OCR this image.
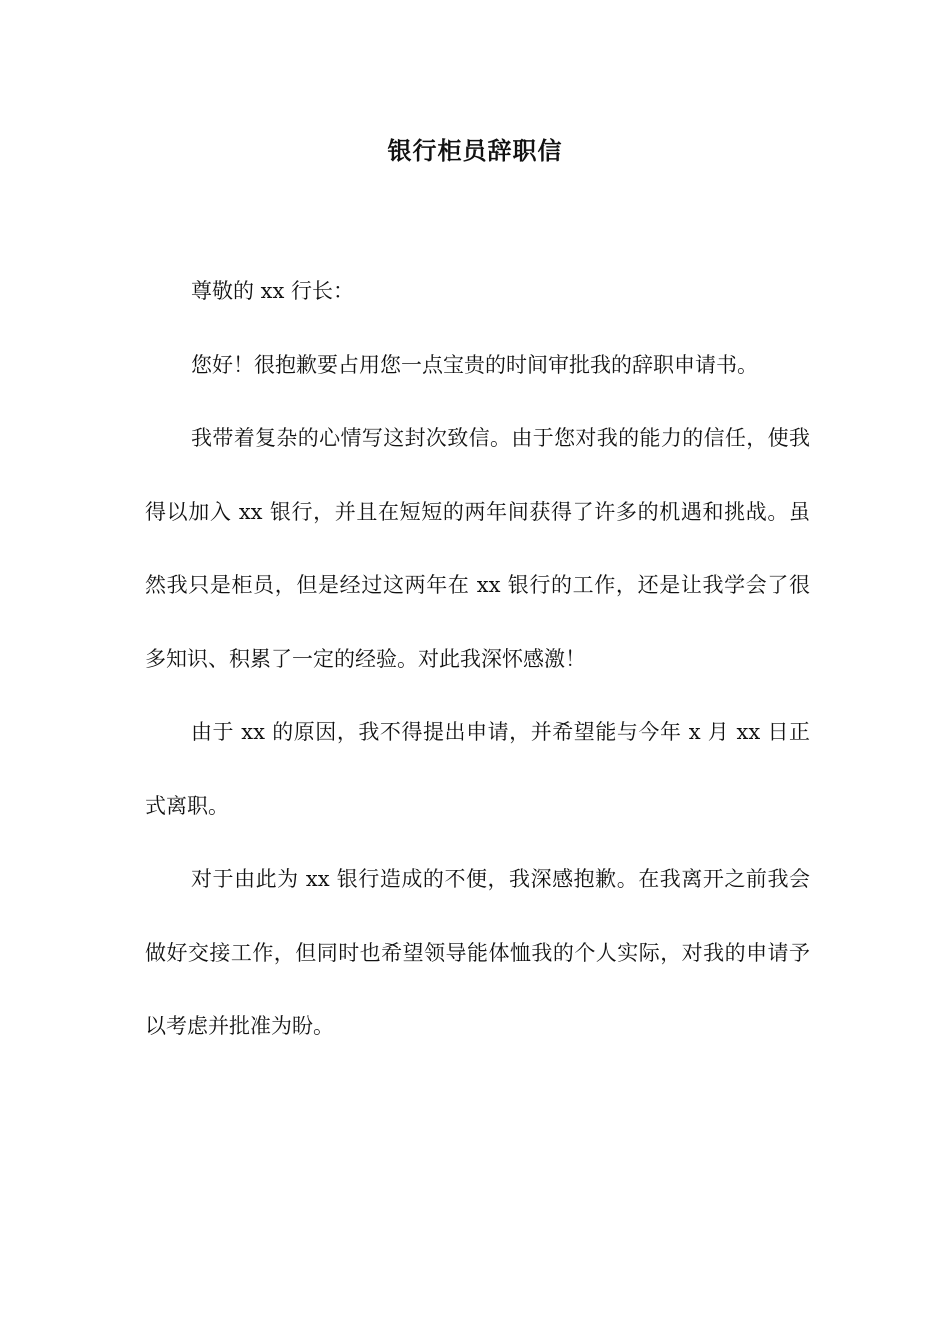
银行柜员辞职信

尊敬的 xx 行长：

您好！很抱歉要占用您一点宝贵的时间审批我的辞职申请书。

我带着复杂的心情写这封次致信。由于您对我的能力的信任，使我得以加入 xx 银行，并且在短短的两年间获得了许多的机遇和挑战。虽然我只是柜员，但是经过这两年在 xx 银行的工作，还是让我学会了很多知识、积累了一定的经验。对此我深怀感激！

由于 xx 的原因，我不得提出申请，并希望能与今年 x 月 xx 日正式离职。

对于由此为 xx 银行造成的不便，我深感抱歉。在我离开之前我会做好交接工作，但同时也希望领导能体恤我的个人实际，对我的申请予以考虑并批准为盼。
